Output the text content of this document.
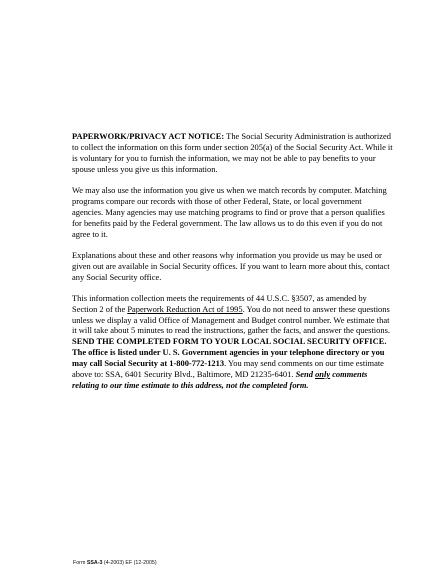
PAPERWORK/PRIVACY ACT NOTICE: The Social Security Administration is authorized to collect the information on this form under section 205(a) of the Social Security Act. While it is voluntary for you to furnish the information, we may not be able to pay benefits to your spouse unless you give us this information.

We may also use the information you give us when we match records by computer. Matching programs compare our records with those of other Federal, State, or local government agencies. Many agencies may use matching programs to find or prove that a person qualifies for benefits paid by the Federal government. The law allows us to do this even if you do not agree to it.

Explanations about these and other reasons why information you provide us may be used or given out are available in Social Security offices. If you want to learn more about this, contact any Social Security office.

This information collection meets the requirements of 44 U.S.C. §3507, as amended by Section 2 of the Paperwork Reduction Act of 1995. You do not need to answer these questions unless we display a valid Office of Management and Budget control number. We estimate that it will take about 5 minutes to read the instructions, gather the facts, and answer the questions. SEND THE COMPLETED FORM TO YOUR LOCAL SOCIAL SECURITY OFFICE. The office is listed under U. S. Government agencies in your telephone directory or you may call Social Security at 1-800-772-1213. You may send comments on our time estimate above to: SSA, 6401 Security Blvd., Baltimore, MD 21235-6401. Send only comments relating to our time estimate to this address, not the completed form.

Form SSA-3 (4-2003) EF (12-2005)
